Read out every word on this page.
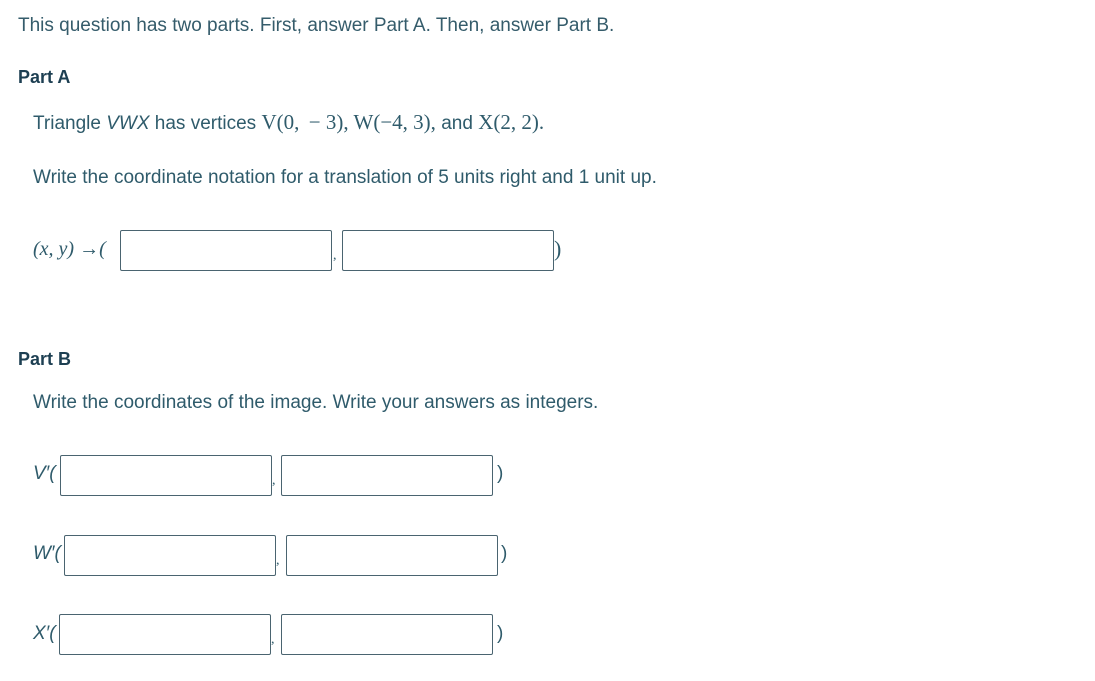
This question has two parts. First, answer Part A. Then, answer Part B.
Part A
Triangle VWX has vertices V(0,  − 3), W(−4, 3), and X(2, 2).
Write the coordinate notation for a translation of 5 units right and 1 unit up.
(x, y) →(	,	)
Part B
Write the coordinates of the image. Write your answers as integers.
V′(	,	)
W′(	,	)
X′(	,	)
